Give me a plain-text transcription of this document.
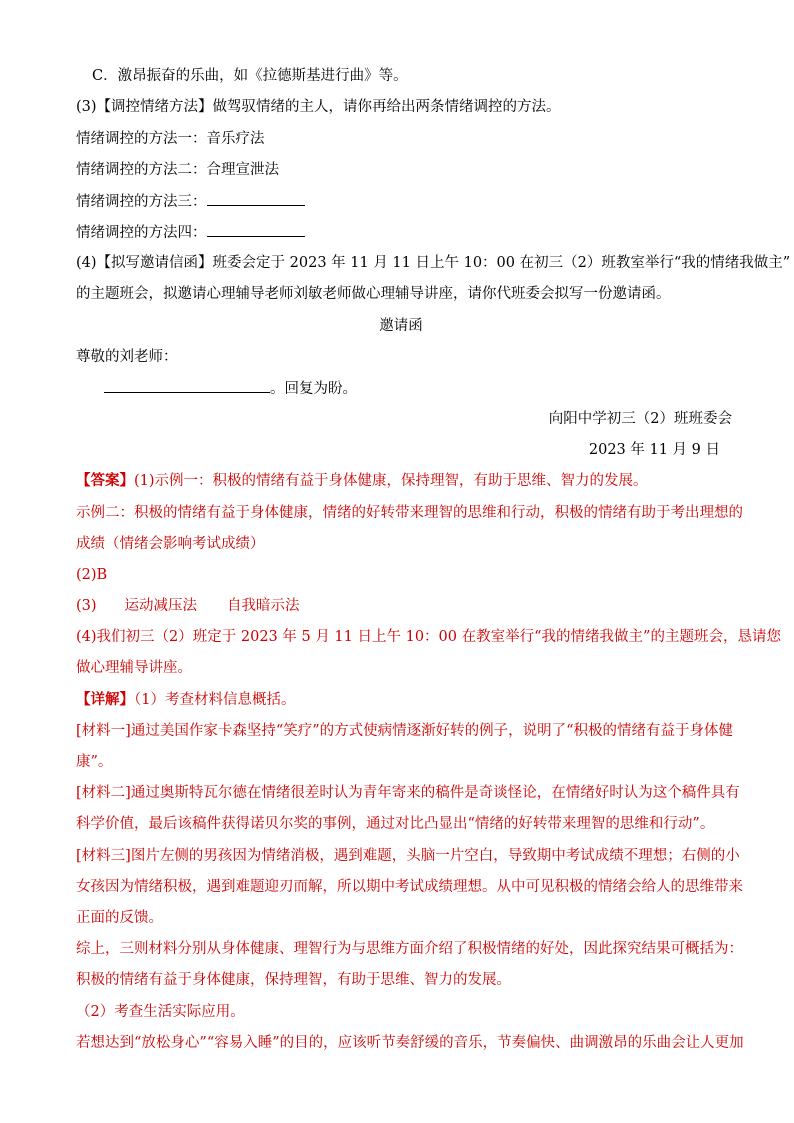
C．激昂振奋的乐曲，如《拉德斯基进行曲》等。
(3)【调控情绪方法】做驾驭情绪的主人，请你再给出两条情绪调控的方法。
情绪调控的方法一：音乐疗法
情绪调控的方法二：合理宣泄法
情绪调控的方法三：
情绪调控的方法四：
(4)【拟写邀请信函】班委会定于 2023 年 11 月 11 日上午 10：00 在初三（2）班教室举行“我的情绪我做主”
的主题班会，拟邀请心理辅导老师刘敏老师做心理辅导讲座，请你代班委会拟写一份邀请函。
邀请函
尊敬的刘老师：
。回复为盼。
向阳中学初三（2）班班委会
2023 年 11 月 9 日
【答案】(1)示例一：积极的情绪有益于身体健康，保持理智，有助于思维、智力的发展。
示例二：积极的情绪有益于身体健康，情绪的好转带来理智的思维和行动，积极的情绪有助于考出理想的
成绩（情绪会影响考试成绩）
(2)B
(3) 运动减压法 自我暗示法
(4)我们初三（2）班定于 2023 年 5 月 11 日上午 10：00 在教室举行“我的情绪我做主”的主题班会，恳请您
做心理辅导讲座。
【详解】（1）考查材料信息概括。
[材料一]通过美国作家卡森坚持“笑疗”的方式使病情逐渐好转的例子，说明了“积极的情绪有益于身体健
康”。
[材料二]通过奥斯特瓦尔德在情绪很差时认为青年寄来的稿件是奇谈怪论，在情绪好时认为这个稿件具有
科学价值，最后该稿件获得诺贝尔奖的事例，通过对比凸显出“情绪的好转带来理智的思维和行动”。
[材料三]图片左侧的男孩因为情绪消极，遇到难题，头脑一片空白，导致期中考试成绩不理想；右侧的小
女孩因为情绪积极，遇到难题迎刃而解，所以期中考试成绩理想。从中可见积极的情绪会给人的思维带来
正面的反馈。
综上，三则材料分别从身体健康、理智行为与思维方面介绍了积极情绪的好处，因此探究结果可概括为：
积极的情绪有益于身体健康，保持理智，有助于思维、智力的发展。
（2）考查生活实际应用。
若想达到“放松身心”“容易入睡”的目的，应该听节奏舒缓的音乐，节奏偏快、曲调激昂的乐曲会让人更加
